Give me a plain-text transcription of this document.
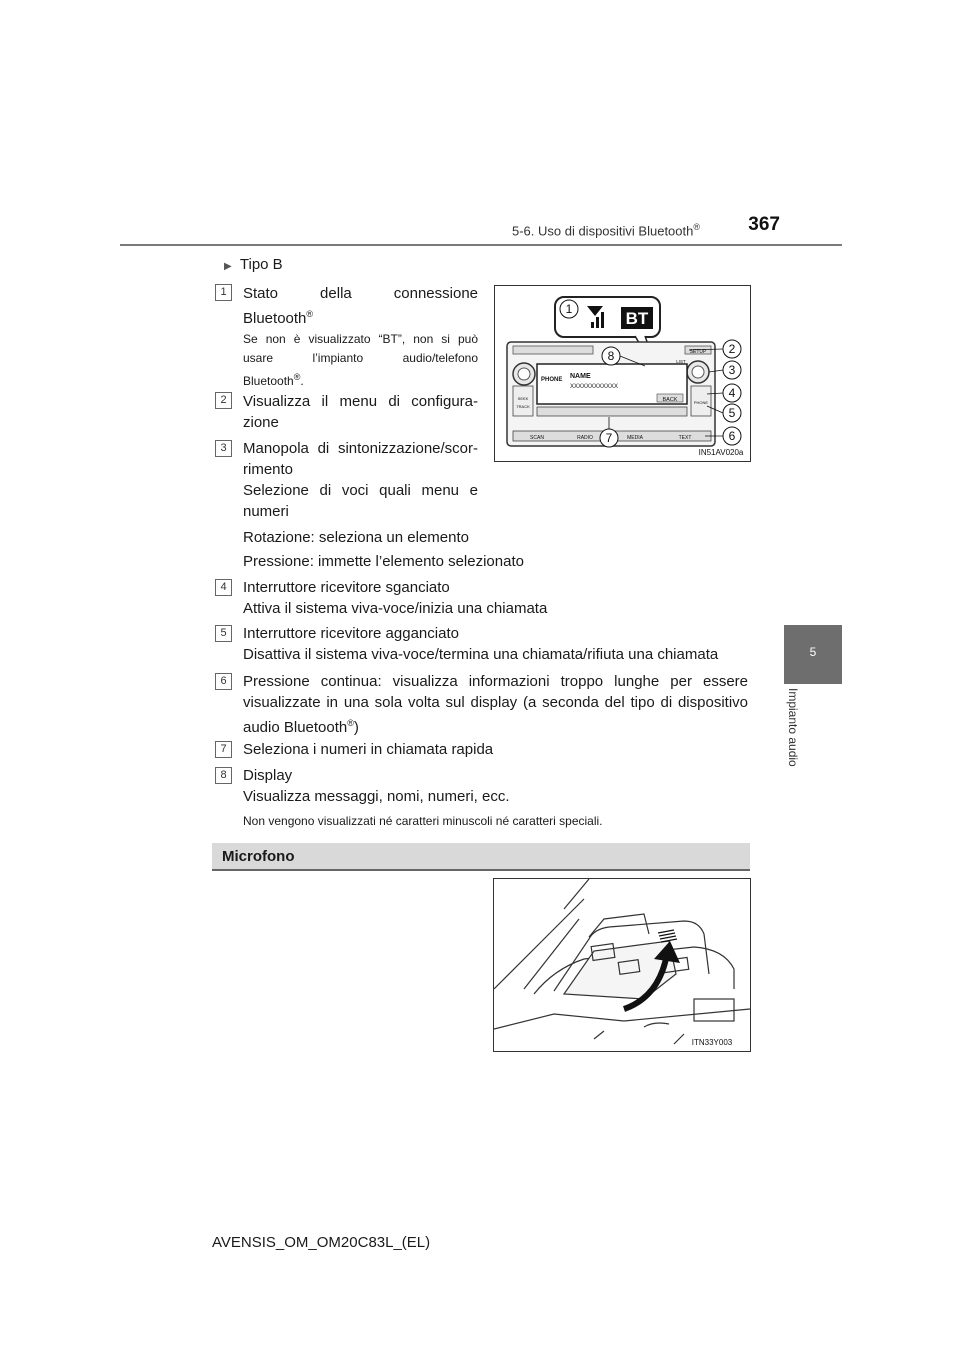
5-6. Uso di dispositivi Bluetooth®	367
5
Impianto audio
▶ Tipo B
1	Stato della connessione
Bluetooth®
Se non è visualizzato “BT”, non si può
usare l’impianto audio/telefono
Bluetooth®.
2	Visualizza il menu di configura-
zione
3	Manopola di sintonizzazione/scor-
rimento
Selezione di voci quali menu e
numeri
Rotazione: seleziona un elemento
Pressione: immette l’elemento selezionato
4	Interruttore ricevitore sganciato
Attiva il sistema viva-voce/inizia una chiamata
5	Interruttore ricevitore agganciato
Disattiva il sistema viva-voce/termina una chiamata/rifiuta una chiamata
6	Pressione continua: visualizza informazioni troppo lunghe per essere
visualizzate in una sola volta sul display (a seconda del tipo di dispositivo
audio Bluetooth®)
7	Seleziona i numeri in chiamata rapida
8	Display
Visualizza messaggi, nomi, numeri, ecc.
Non vengono visualizzati né caratteri minuscoli né caratteri speciali.
Microfono
BT
SETUP
LIST
PHONE NAME
XXXXXXXXXXXX
BACK
SEEK
TRACK
PHONE
SCAN	RADIO	MEDIA	TEXT
1
2
3
4
5
6
7
8
IN51AV020a
ITN33Y003
AVENSIS_OM_OM20C83L_(EL)
